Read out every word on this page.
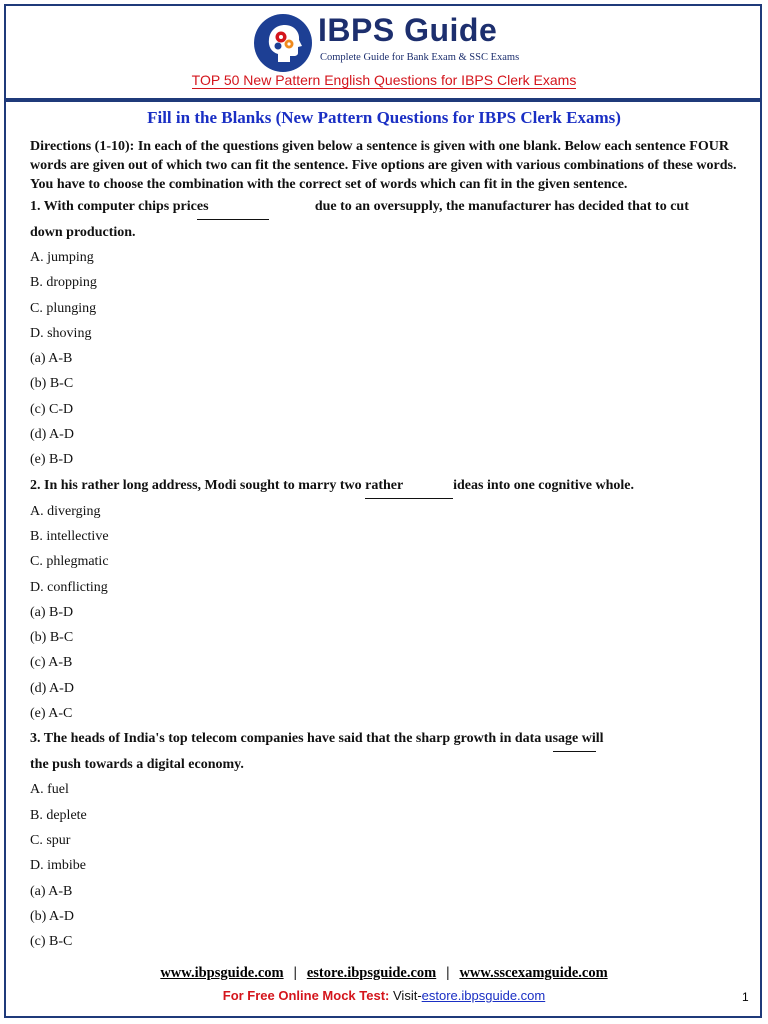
IBPS Guide
Complete Guide for Bank Exam & SSC Exams
TOP 50 New Pattern English Questions for IBPS Clerk Exams
Fill in the Blanks (New Pattern Questions for IBPS Clerk Exams)

Directions (1-10): In each of the questions given below a sentence is given with one blank. Below each sentence FOUR words are given out of which two can fit the sentence. Five options are given with various combinations of these words. You have to choose the combination with the correct set of words which can fit in the given sentence.

1. With computer chips prices	due to an oversupply, the manufacturer has decided that to cut

down production.

A. jumping

B. dropping

C. plunging

D. shoving

(a) A-B

(b) B-C

(c) C-D

(d) A-D

(e) B-D

2. In his rather long address, Modi sought to marry two rather	ideas into one cognitive whole.

A. diverging

B. intellective

C. phlegmatic

D. conflicting

(a) B-D

(b) B-C

(c) A-B

(d) A-D

(e) A-C

3. The heads of India's top telecom companies have said that the sharp growth in data usage will

the push towards a digital economy.

A. fuel

B. deplete

C. spur

D. imbibe

(a) A-B

(b) A-D

(c) B-C

www.ibpsguide.com | estore.ibpsguide.com | www.sscexamguide.com
For Free Online Mock Test: Visit-estore.ibpsguide.com	1
